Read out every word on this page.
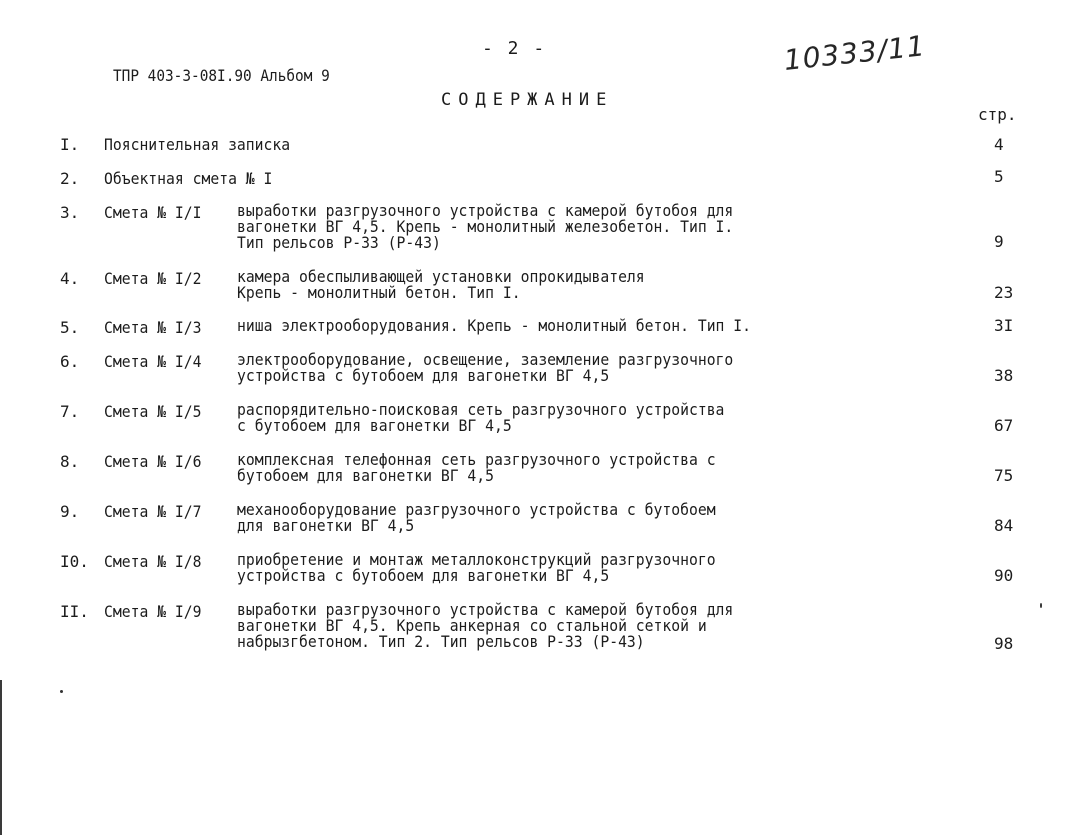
- 2 -
ТПР 403-3-08I.90 Альбом 9	10333/11
СОДЕРЖАНИЕ
стр.
I.	Пояснительная записка	4
2.	Объектная смета № I	5
3.	Смета № I/I выработки разгрузочного устройства с камерой бутобоя для
вагонетки ВГ 4,5. Крепь - монолитный железобетон. Тип I.
Тип рельсов Р-33 (Р-43)	9
4.	Смета № I/2 камера обеспыливающей установки опрокидывателя
Крепь - монолитный бетон. Тип I.	23
5.	Смета № I/3 ниша электрооборудования. Крепь - монолитный бетон. Тип I.	3I
6.	Смета № I/4 электрооборудование, освещение, заземление разгрузочного
устройства с бутобоем для вагонетки ВГ 4,5	38
7.	Смета № I/5 распорядительно-поисковая сеть разгрузочного устройства
с бутобоем для вагонетки ВГ 4,5	67
8.	Смета № I/6 комплексная телефонная сеть разгрузочного устройства с
бутобоем для вагонетки ВГ 4,5	75
9.	Смета № I/7 механооборудование разгрузочного устройства с бутобоем
для вагонетки ВГ 4,5	84
I0. Смета № I/8 приобретение и монтаж металлоконструкций разгрузочного
устройства с бутобоем для вагонетки ВГ 4,5	90
II. Смета № I/9 выработки разгрузочного устройства с камерой бутобоя для
вагонетки ВГ 4,5. Крепь анкерная со стальной сеткой и
набрызгбетоном. Тип 2. Тип рельсов Р-33 (Р-43)	98
